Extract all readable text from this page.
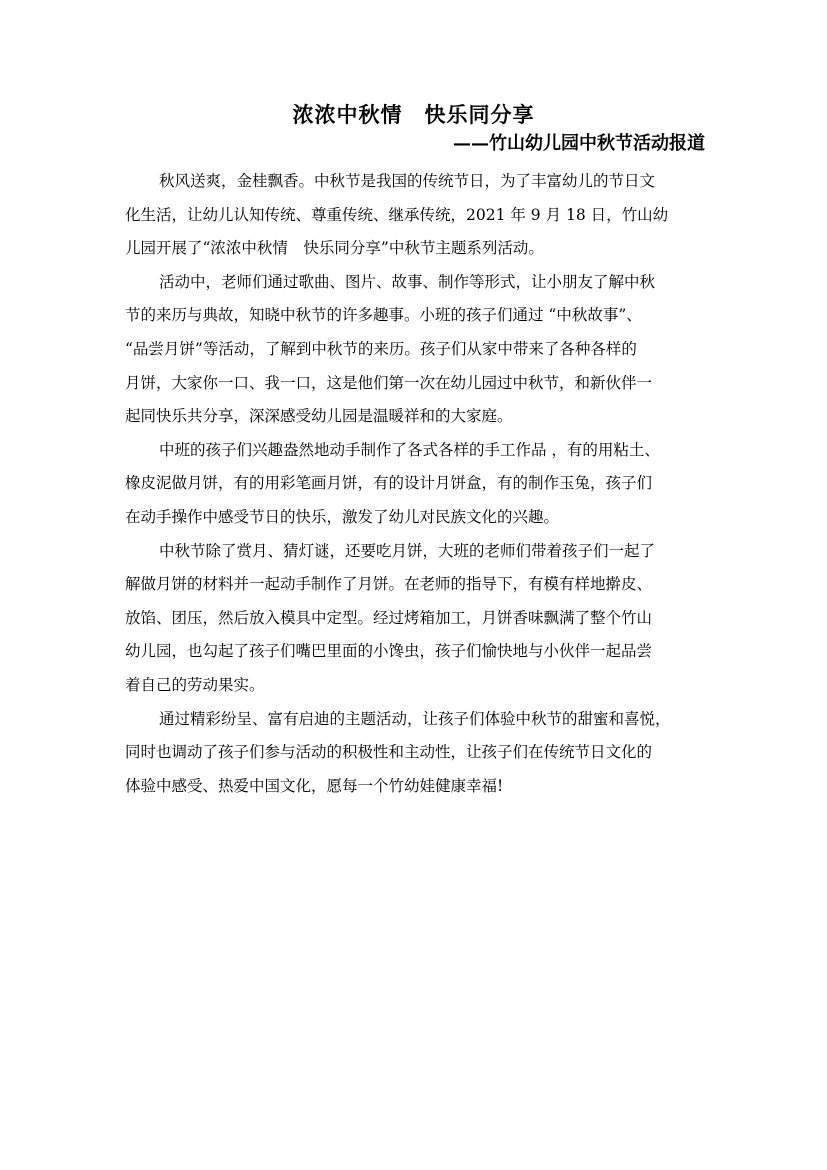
浓浓中秋情　快乐同分享
——竹山幼儿园中秋节活动报道
秋风送爽，金桂飘香。中秋节是我国的传统节日，为了丰富幼儿的节日文
化生活，让幼儿认知传统、尊重传统、继承传统，2021 年 9 月 18 日，竹山幼
儿园开展了“浓浓中秋情　快乐同分享”中秋节主题系列活动。
活动中，老师们通过歌曲、图片、故事、制作等形式，让小朋友了解中秋
节的来历与典故，知晓中秋节的许多趣事。小班的孩子们通过 “中秋故事”、
“品尝月饼”等活动，了解到中秋节的来历。孩子们从家中带来了各种各样的
月饼，大家你一口、我一口，这是他们第一次在幼儿园过中秋节，和新伙伴一
起同快乐共分享，深深感受幼儿园是温暖祥和的大家庭。
中班的孩子们兴趣盎然地动手制作了各式各样的手工作品 ，有的用粘土、
橡皮泥做月饼，有的用彩笔画月饼，有的设计月饼盒，有的制作玉兔，孩子们
在动手操作中感受节日的快乐，激发了幼儿对民族文化的兴趣。
中秋节除了赏月、猜灯谜，还要吃月饼，大班的老师们带着孩子们一起了
解做月饼的材料并一起动手制作了月饼。在老师的指导下，有模有样地擀皮、
放馅、团压，然后放入模具中定型。经过烤箱加工，月饼香味飘满了整个竹山
幼儿园，也勾起了孩子们嘴巴里面的小馋虫，孩子们愉快地与小伙伴一起品尝
着自己的劳动果实。
通过精彩纷呈、富有启迪的主题活动，让孩子们体验中秋节的甜蜜和喜悦，
同时也调动了孩子们参与活动的积极性和主动性，让孩子们在传统节日文化的
体验中感受、热爱中国文化，愿每一个竹幼娃健康幸福!
